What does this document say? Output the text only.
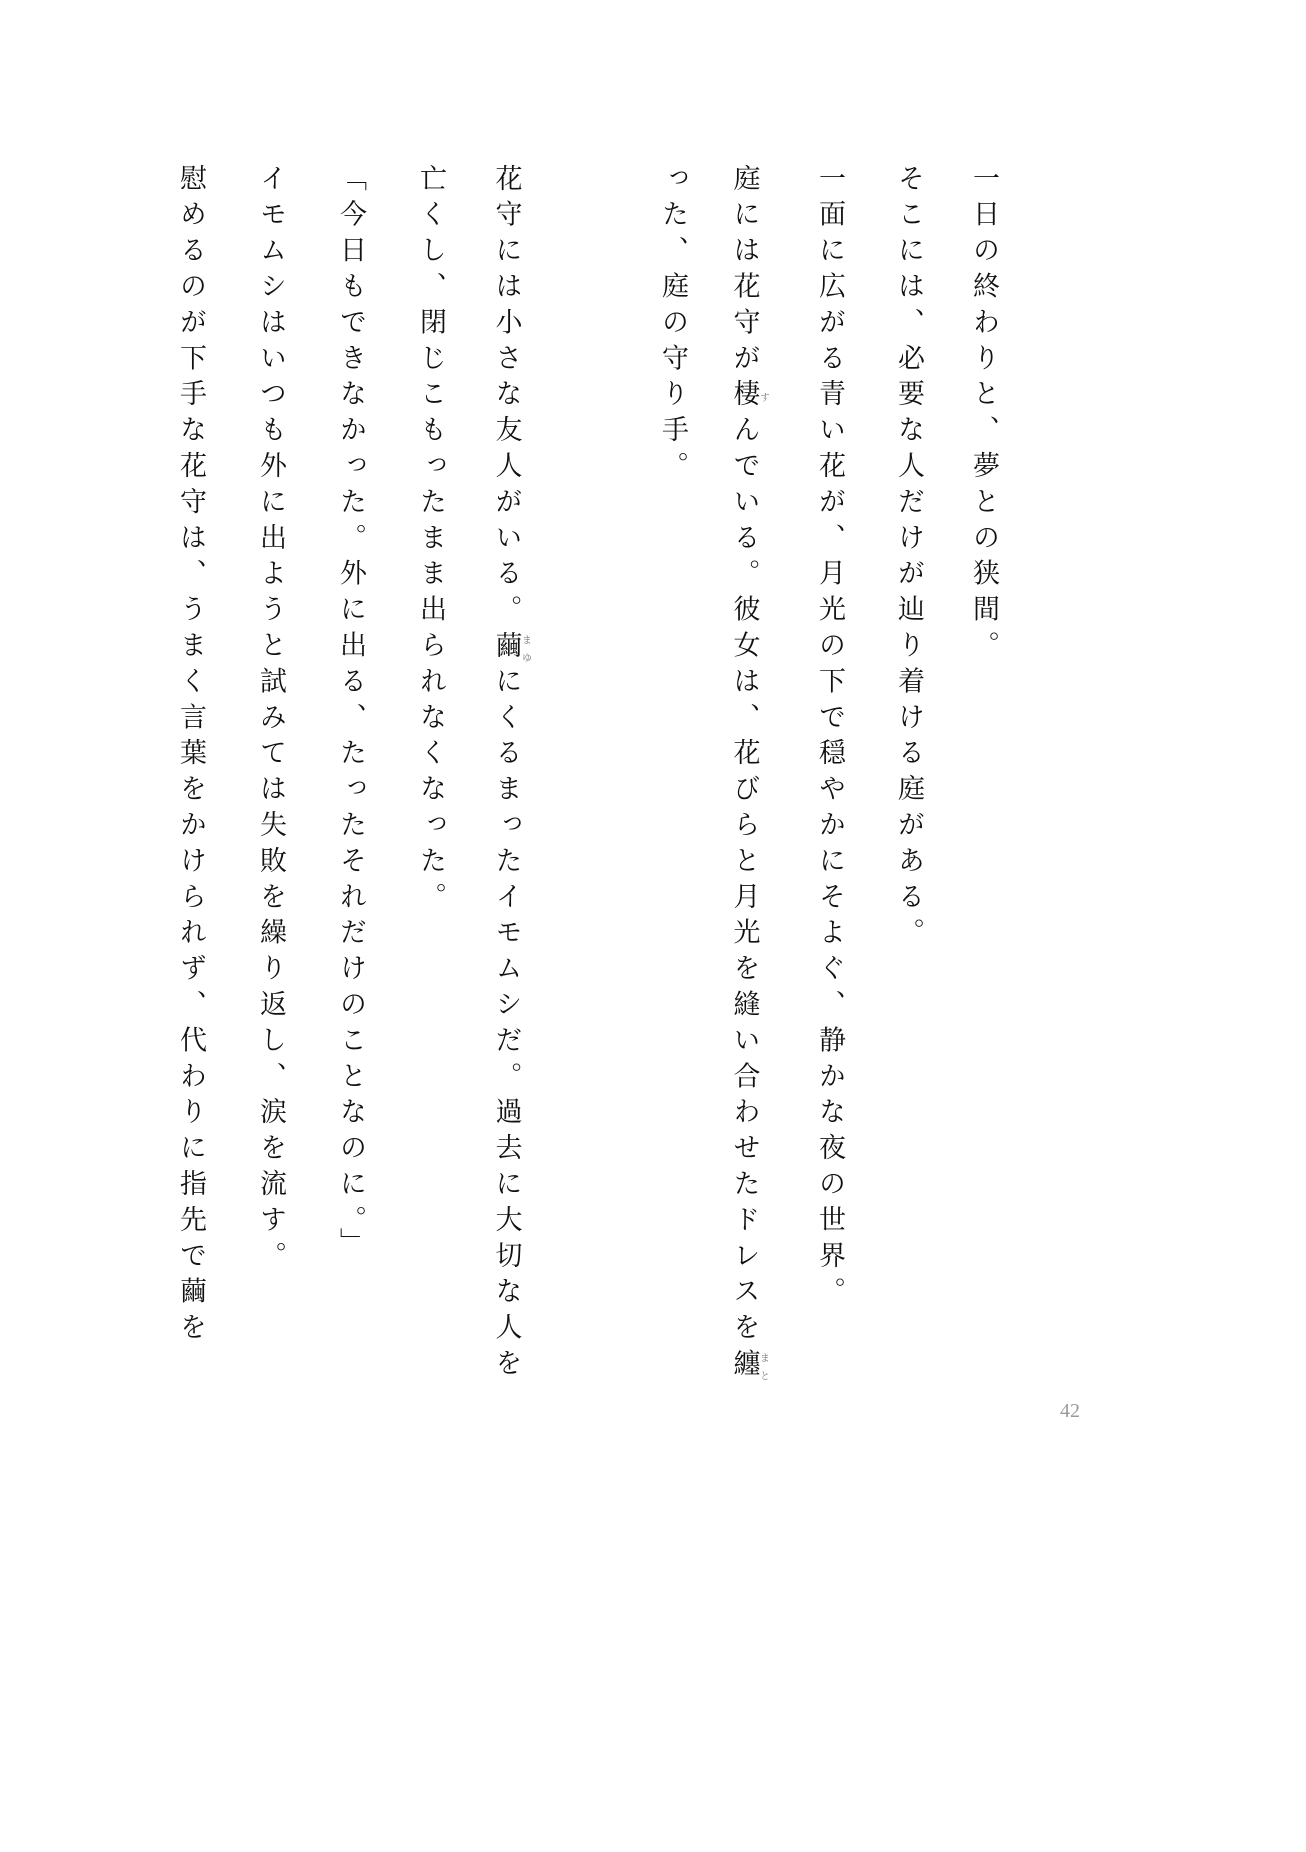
一日の終わりと、夢との狭間。
そこには、必要な人だけが辿り着ける庭がある。
一面に広がる青い花が、月光の下で穏やかにそよぐ、静かな夜の世界。
庭には花守が棲すんでいる。彼女は、花びらと月光を縫い合わせたドレスを纏まと
った、庭の守り手。
花守には小さな友人がいる。繭まゆにくるまったイモムシだ。過去に大切な人を
亡くし、閉じこもったまま出られなくなった。
「今日もできなかった。外に出る、たったそれだけのことなのに。」
イモムシはいつも外に出ようと試みては失敗を繰り返し、涙を流す。
慰めるのが下手な花守は、うまく言葉をかけられず、代わりに指先で繭を
42
